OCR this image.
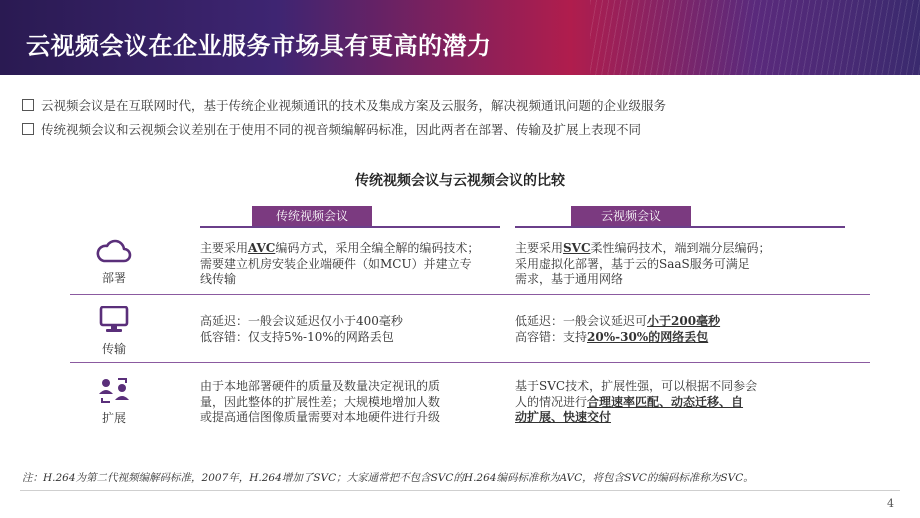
云视频会议在企业服务市场具有更高的潜力
云视频会议是在互联网时代，基于传统企业视频通讯的技术及集成方案及云服务，解决视频通讯问题的企业级服务
传统视频会议和云视频会议差别在于使用不同的视音频编解码标准，因此两者在部署、传输及扩展上表现不同
传统视频会议与云视频会议的比较
传统视频会议	云视频会议
部署
主要采用AVC编码方式，采用全编全解的编码技术；
需要建立机房安装企业端硬件（如MCU）并建立专
线传输
主要采用SVC柔性编码技术，端到端分层编码；
采用虚拟化部署，基于云的SaaS服务可满足
需求，基于通用网络
传输
高延迟：一般会议延迟仅小于400毫秒
低容错：仅支持5%-10%的网路丢包
低延迟：一般会议延迟可小于200毫秒
高容错：支持20%-30%的网络丢包
扩展
由于本地部署硬件的质量及数量决定视讯的质
量，因此整体的扩展性差；大规模地增加人数
或提高通信图像质量需要对本地硬件进行升级
基于SVC技术，扩展性强，可以根据不同参会
人的情况进行合理速率匹配、动态迁移、自
动扩展、快速交付
注：H.264为第二代视频编解码标准，2007年，H.264增加了SVC；大家通常把不包含SVC的H.264编码标准称为AVC，将包含SVC的编码标准称为SVC。
4
